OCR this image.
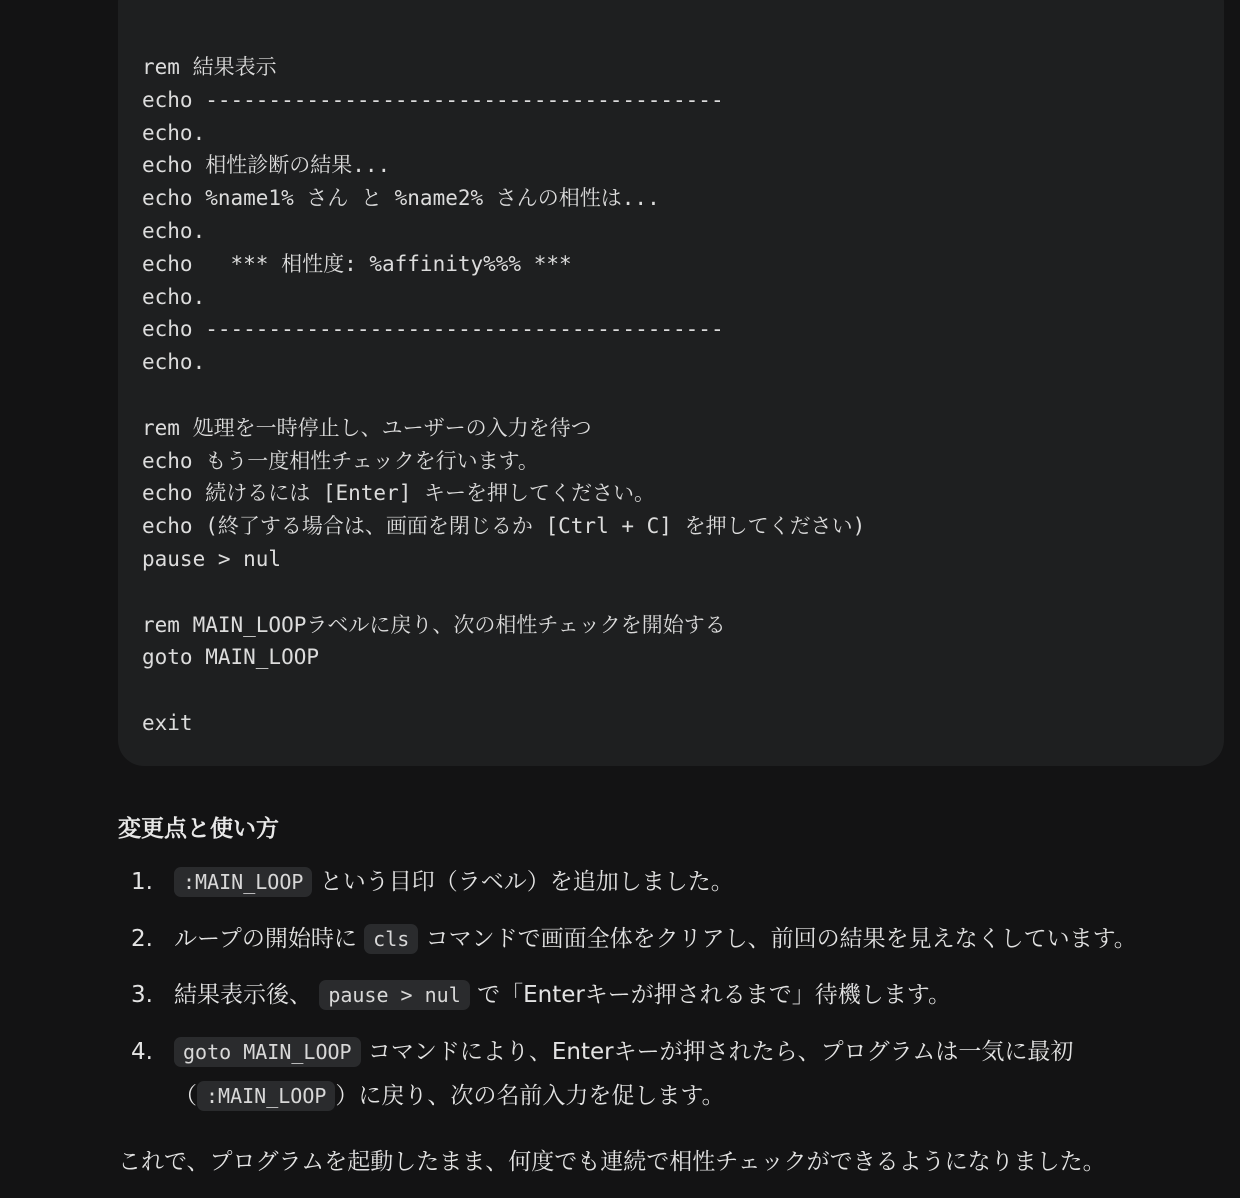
rem 結果表示
echo -----------------------------------------
echo.
echo 相性診断の結果...
echo %name1% さん と %name2% さんの相性は...
echo.
echo   *** 相性度: %affinity%%% ***
echo.
echo -----------------------------------------
echo.
rem 処理を一時停止し、ユーザーの入力を待つ
echo もう一度相性チェックを行います。
echo 続けるには [Enter] キーを押してください。
echo (終了する場合は、画面を閉じるか [Ctrl + C] を押してください)
pause > nul
rem MAIN_LOOPラベルに戻り、次の相性チェックを開始する
goto MAIN_LOOP
exit
変更点と使い方
1. :MAIN_LOOP という目印（ラベル）を追加しました。
2. ループの開始時に cls コマンドで画面全体をクリアし、前回の結果を見えなくしています。
3. 結果表示後、 pause > nul で「Enterキーが押されるまで」待機します。
4. goto MAIN_LOOP コマンドにより、Enterキーが押されたら、プログラムは一気に最初
（ :MAIN_LOOP ）に戻り、次の名前入力を促します。
これで、プログラムを起動したまま、何度でも連続で相性チェックができるようになりました。
